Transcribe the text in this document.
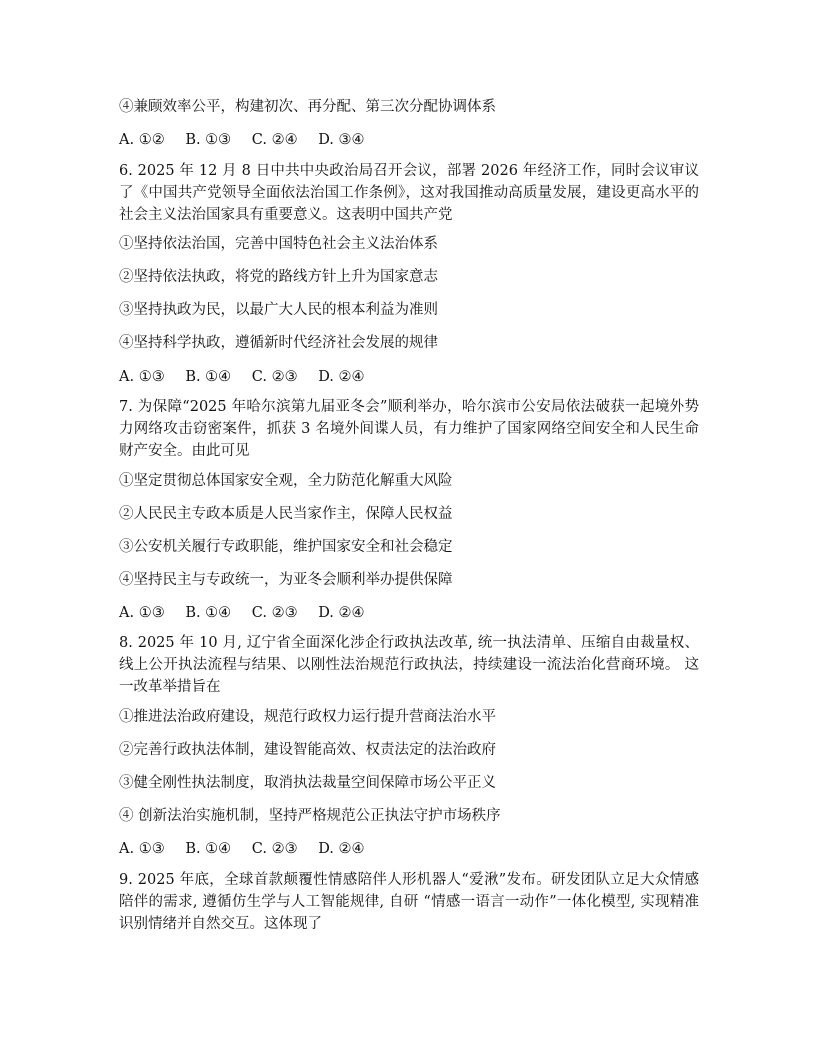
④兼顾效率公平，构建初次、再分配、第三次分配协调体系
A. ①② B. ①③ C. ②④ D. ③④
6. 2025 年 12 月 8 日中共中央政治局召开会议，部署 2026 年经济工作，同时会议审议了《中国共产党领导全面依法治国工作条例》，这对我国推动高质量发展，建设更高水平的社会主义法治国家具有重要意义。这表明中国共产党
①坚持依法治国，完善中国特色社会主义法治体系
②坚持依法执政，将党的路线方针上升为国家意志
③坚持执政为民，以最广大人民的根本利益为准则
④坚持科学执政，遵循新时代经济社会发展的规律
A. ①③ B. ①④ C. ②③ D. ②④
7. 为保障“2025 年哈尔滨第九届亚冬会”顺利举办，哈尔滨市公安局依法破获一起境外势力网络攻击窃密案件，抓获 3 名境外间谍人员，有力维护了国家网络空间安全和人民生命财产安全。由此可见
①坚定贯彻总体国家安全观，全力防范化解重大风险
②人民民主专政本质是人民当家作主，保障人民权益
③公安机关履行专政职能，维护国家安全和社会稳定
④坚持民主与专政统一，为亚冬会顺利举办提供保障
A. ①③ B. ①④ C. ②③ D. ②④
8. 2025 年 10 月, 辽宁省全面深化涉企行政执法改革, 统一执法清单、压缩自由裁量权、线上公开执法流程与结果、以刚性法治规范行政执法，持续建设一流法治化营商环境。 这一改革举措旨在
①推进法治政府建设，规范行政权力运行提升营商法治水平
②完善行政执法体制，建设智能高效、权责法定的法治政府
③健全刚性执法制度，取消执法裁量空间保障市场公平正义
④ 创新法治实施机制，坚持严格规范公正执法守护市场秩序
A. ①③ B. ①④ C. ②③ D. ②④
9. 2025 年底，全球首款颠覆性情感陪伴人形机器人“爱湫”发布。研发团队立足大众情感陪伴的需求, 遵循仿生学与人工智能规律, 自研 “情感一语言一动作”一体化模型, 实现精准识别情绪并自然交互。这体现了
